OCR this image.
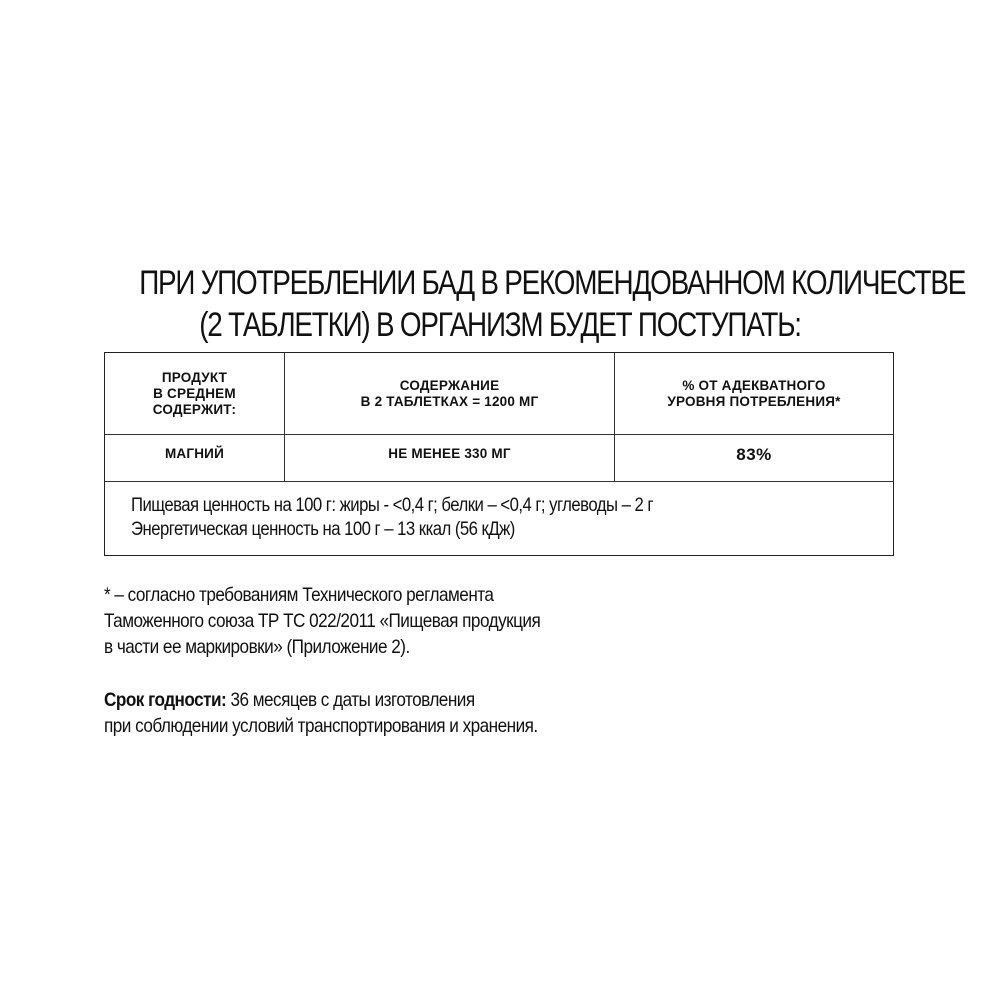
ПРИ УПОТРЕБЛЕНИИ БАД В РЕКОМЕНДОВАННОМ КОЛИЧЕСТВЕ
(2 ТАБЛЕТКИ) В ОРГАНИЗМ БУДЕТ ПОСТУПАТЬ:
ПРОДУКТ
В СРЕДНЕМ
СОДЕРЖИТ:
СОДЕРЖАНИЕ
В 2 ТАБЛЕТКАХ = 1200 МГ
% ОТ АДЕКВАТНОГО
УРОВНЯ ПОТРЕБЛЕНИЯ*
МАГНИЙ	НЕ МЕНЕЕ 330 МГ	83%
Пищевая ценность на 100 г: жиры - <0,4 г; белки – <0,4 г; углеводы – 2 г
Энергетическая ценность на 100 г – 13 ккал (56 кДж)
* – согласно требованиям Технического регламента
Таможенного союза ТР ТС 022/2011 «Пищевая продукция
в части ее маркировки» (Приложение 2).
Срок годности: 36 месяцев с даты изготовления
при соблюдении условий транспортирования и хранения.
